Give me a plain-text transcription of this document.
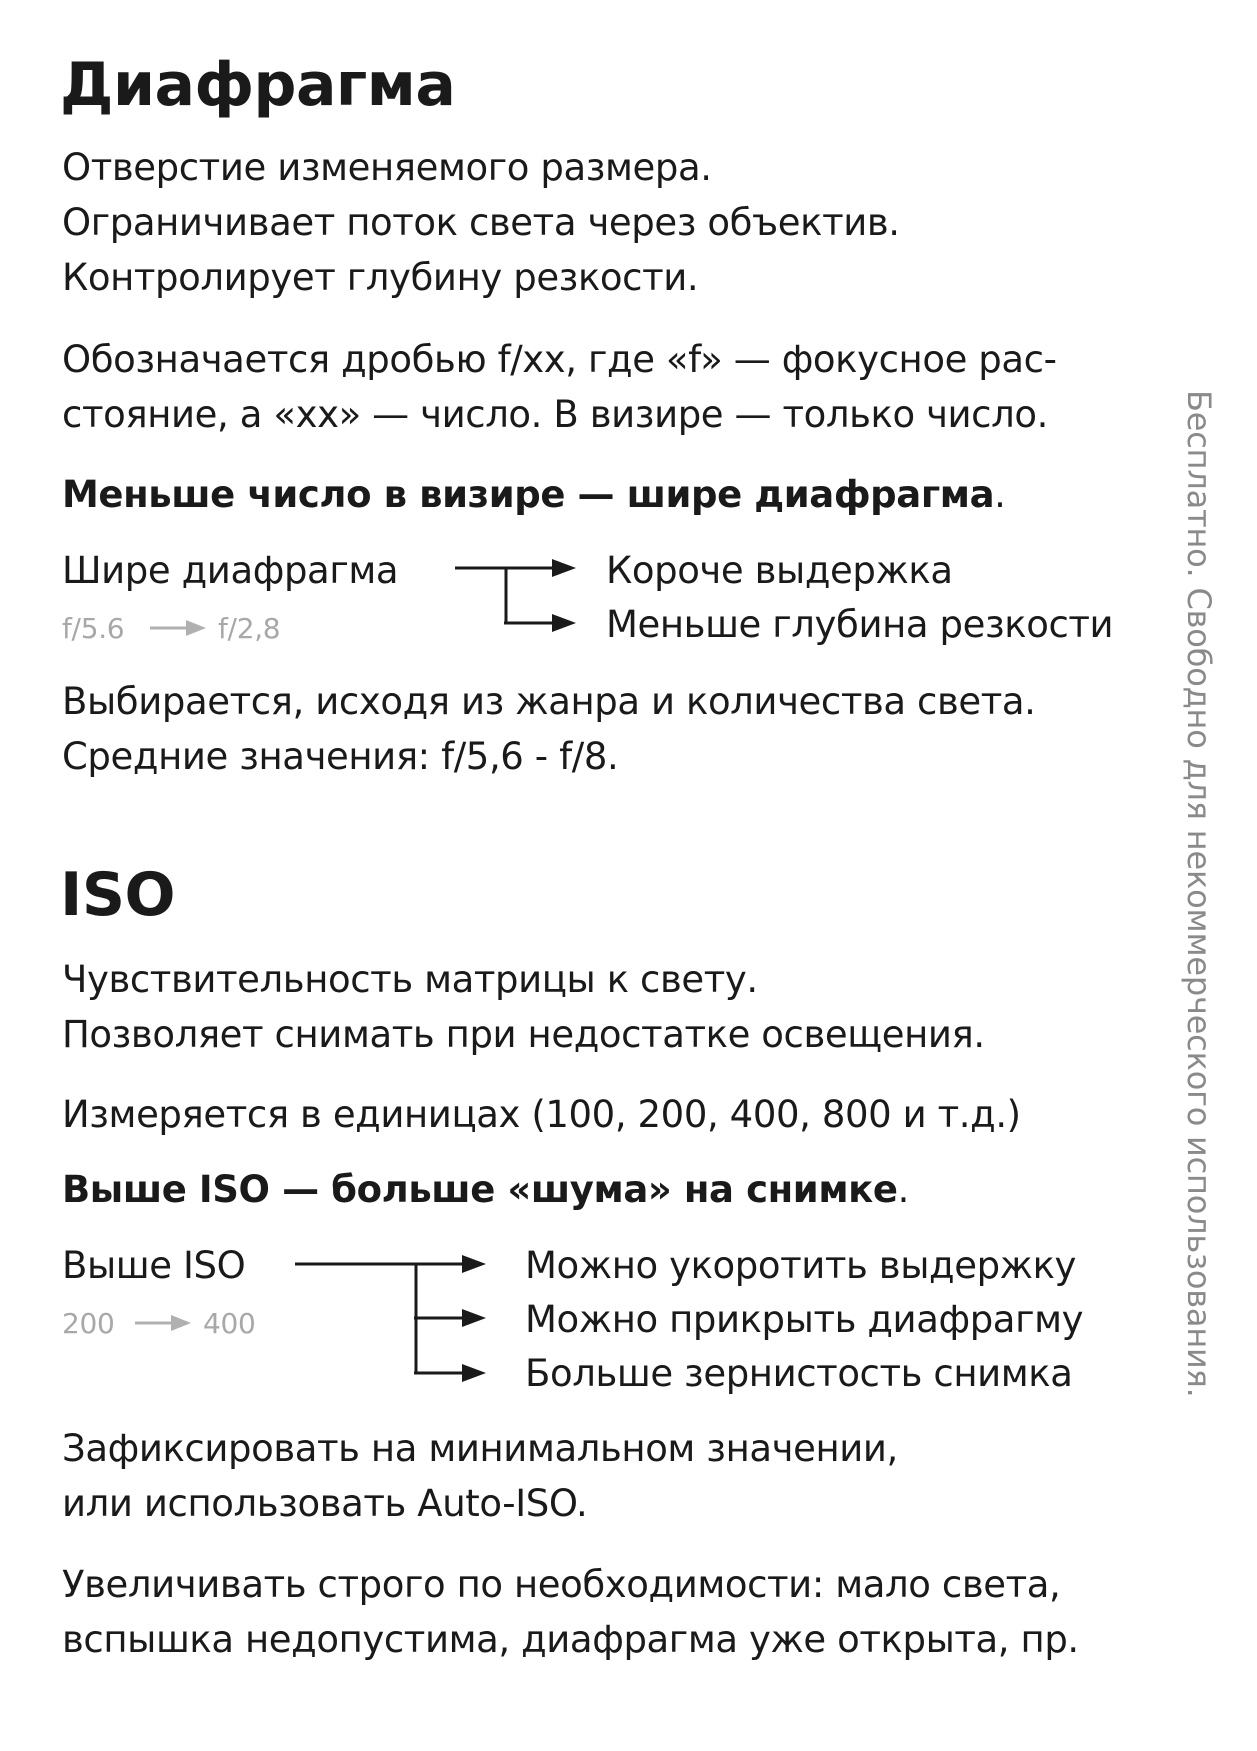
Диафрагма
Отверстие изменяемого размера.
Ограничивает поток света через объектив.
Контролирует глубину резкости.
Обозначается дробью f/xx, где «f» — фокусное рас-
стояние, а «xx» — число. В визире — только число.
Меньше число в визире — шире диафрагма.
Шире диафрагма
f/5.6	f/2,8
Короче выдержка
Меньше глубина резкости
Выбирается, исходя из жанра и количества света.
Средние значения: f/5,6 - f/8.
ISO
Чувствительность матрицы к свету.
Позволяет снимать при недостатке освещения.
Измеряется в единицах (100, 200, 400, 800 и т.д.)
Выше ISO — больше «шума» на снимке.
Выше ISO
200	400
Можно укоротить выдержку
Можно прикрыть диафрагму
Больше зернистость снимка
Зафиксировать на минимальном значении,
или использовать Auto-ISO.
Увеличивать строго по необходимости: мало света,
вспышка недопустима, диафрагма уже открыта, пр.
Бесплатно. Свободно для некоммерческого использования.
